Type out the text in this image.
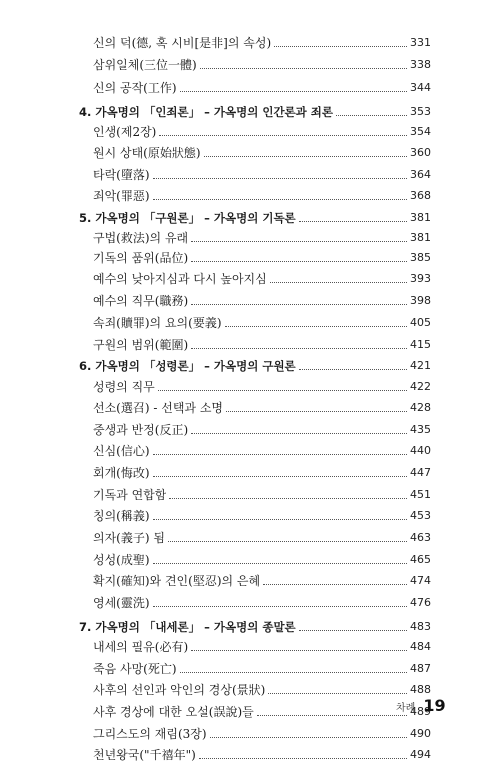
신의 덕(德, 혹 시비[是非]의 속성)	331
삼위일체(三位一體)	338
신의 공작(工作)	344
4. 가옥명의 「인죄론」 – 가옥명의 인간론과 죄론	353
인생(제2장)	354
원시 상태(原始狀態)	360
타락(墮落)	364
죄악(罪惡)	368
5. 가옥명의 「구원론」 – 가옥명의 기독론	381
구법(救法)의 유래	381
기독의 품위(品位)	385
예수의 낮아지심과 다시 높아지심	393
예수의 직무(職務)	398
속죄(贖罪)의 요의(要義)	405
구원의 범위(範圍)	415
6. 가옥명의 「성령론」 – 가옥명의 구원론	421
성령의 직무	422
선소(選召) - 선택과 소명	428
중생과 반정(反正)	435
신심(信心)	440
회개(悔改)	447
기독과 연합함	451
칭의(稱義)	453
의자(義子) 됨	463
성성(成聖)	465
확지(確知)와 견인(堅忍)의 은혜	474
영세(靈洗)	476
7. 가옥명의 「내세론」 – 가옥명의 종말론	483
내세의 필유(必有)	484
죽음 사망(死亡)	487
사후의 선인과 악인의 경상(景狀)	488
사후 경상에 대한 오설(誤說)들	489
그리스도의 재림(3장)	490
천년왕국("千禧年")	494
차례 19
